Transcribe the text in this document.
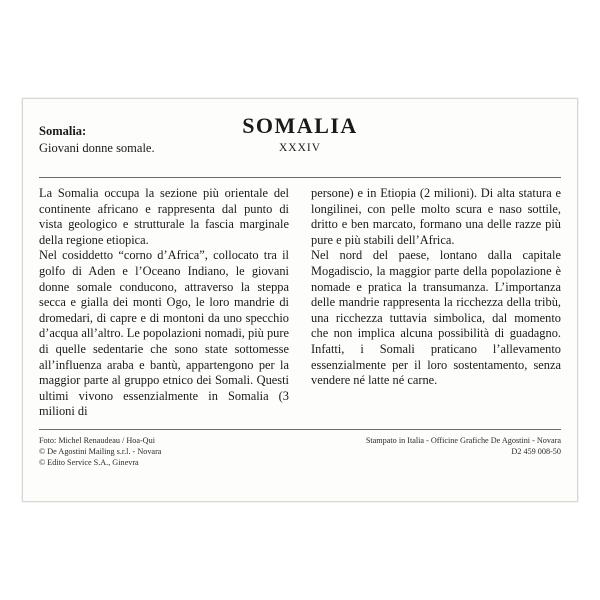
Somalia:
Giovani donne somale.
SOMALIA
XXXIV

La Somalia occupa la sezione più orientale del continente africano e rappresenta dal punto di vista geologico e strutturale la fascia marginale della regione etiopica.

Nel cosiddetto “corno d’Africa”, collocato tra il golfo di Aden e l’Oceano Indiano, le giovani donne somale conducono, attraverso la steppa secca e gialla dei monti Ogo, le loro mandrie di dromedari, di capre e di montoni da uno specchio d’acqua all’altro. Le popolazioni nomadi, più pure di quelle sedentarie che sono state sottomesse all’influenza araba e bantù, appartengono per la maggior parte al gruppo etnico dei Somali. Questi ultimi vivono essenzialmente in Somalia (3 milioni di

persone) e in Etiopia (2 milioni). Di alta statura e longilinei, con pelle molto scura e naso sottile, dritto e ben marcato, formano una delle razze più pure e più stabili dell’Africa.

Nel nord del paese, lontano dalla capitale Mogadiscio, la maggior parte della popolazione è nomade e pratica la transumanza. L’importanza delle mandrie rappresenta la ricchezza della tribù, una ricchezza tuttavia simbolica, dal momento che non implica alcuna possibilità di guadagno. Infatti, i Somali praticano l’allevamento essenzialmente per il loro sostentamento, senza vendere né latte né carne.

Foto: Michel Renaudeau / Hoa-Qui
© De Agostini Mailing s.r.l. - Novara
© Edito Service S.A., Ginevra
Stampato in Italia - Officine Grafiche De Agostini - Novara
D2 459 008-50
